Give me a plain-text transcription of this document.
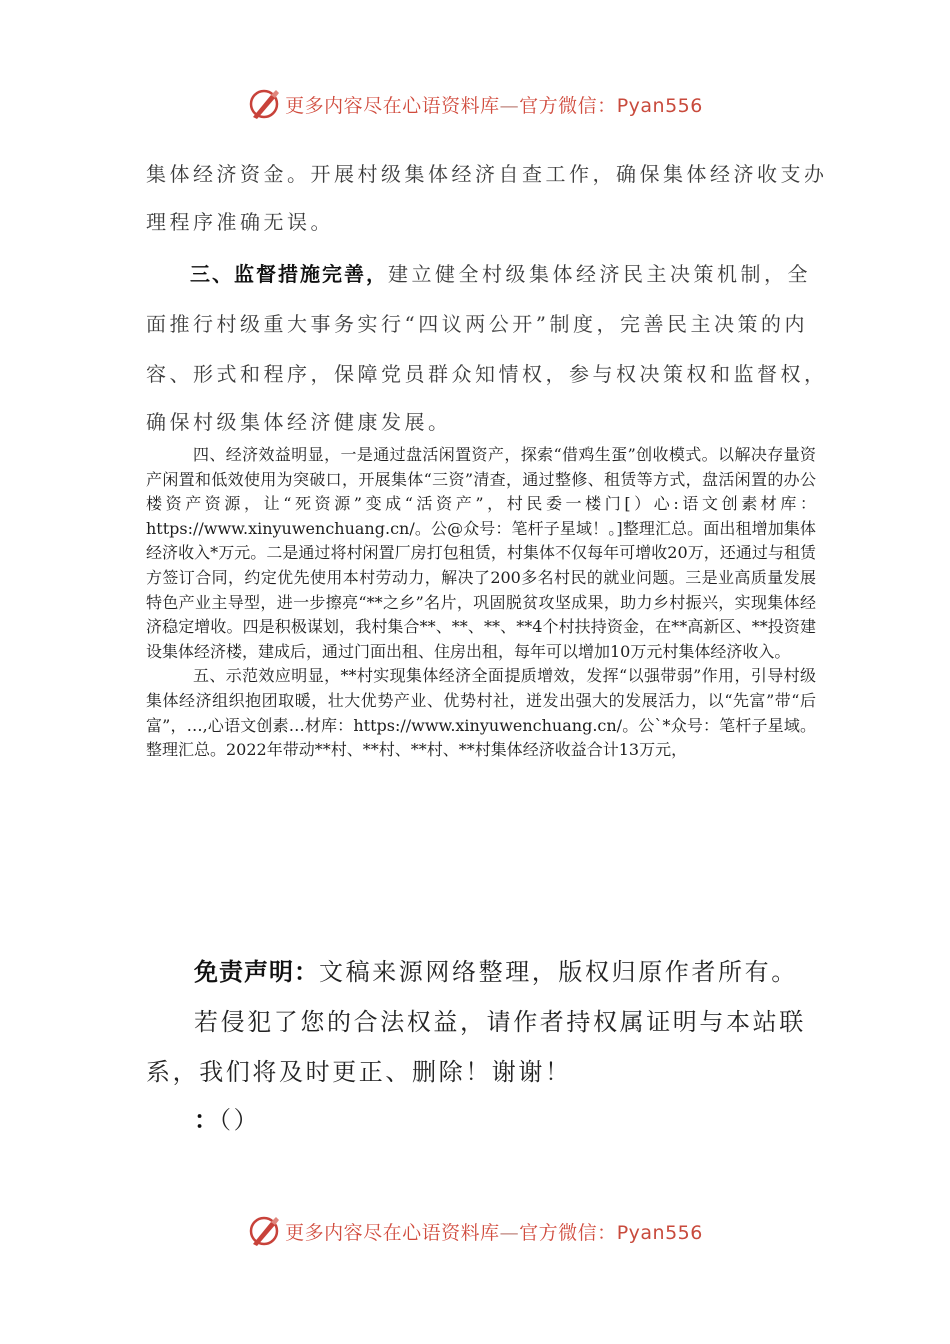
更多内容尽在心语资料库—官方微信：Pyan556
集体经济资金。开展村级集体经济自查工作，确保集体经济收支办
理程序准确无误。
三、监督措施完善，建立健全村级集体经济民主决策机制，全
面推行村级重大事务实行“四议两公开”制度，完善民主决策的内
容、形式和程序，保障党员群众知情权，参与权决策权和监督权，
确保村级集体经济健康发展。

四、经济效益明显，一是通过盘活闲置资产，探索“借鸡生蛋”创收模式。以解决存量资产闲置和低效使用为突破口，开展集体“三资”清查，通过整修、租赁等方式，盘活闲置的办公楼资产资源，让“死资源”变成“活资产”，村民委一楼门[）心:语文创素材库：https://www.xinyuwenchuang.cn/。公@众号：笔杆子星域！。]整理汇总。面出租增加集体经济收入*万元。二是通过将村闲置厂房打包租赁，村集体不仅每年可增收20万，还通过与租赁方签订合同，约定优先使用本村劳动力，解决了200多名村民的就业问题。三是业高质量发展特色产业主导型，进一步擦亮“**之乡”名片，巩固脱贫攻坚成果，助力乡村振兴，实现集体经济稳定增收。四是积极谋划，我村集合**、**、**、**4个村扶持资金，在**高新区、**投资建设集体经济楼，建成后，通过门面出租、住房出租，每年可以增加10万元村集体经济收入。

五、示范效应明显，**村实现集体经济全面提质增效，发挥“以强带弱”作用，引导村级集体经济组织抱团取暖，壮大优势产业、优势村社，迸发出强大的发展活力，以“先富”带“后富”，…,心语文创素…材库：https://www.xinyuwenchuang.cn/。公`*众号：笔杆子星域。整理汇总。2022年带动**村、**村、**村、**村集体经济收益合计13万元，

免责声明：文稿来源网络整理，版权归原作者所有。
若侵犯了您的合法权益，请作者持权属证明与本站联
系，我们将及时更正、删除！谢谢！
：（）
更多内容尽在心语资料库—官方微信：Pyan556
